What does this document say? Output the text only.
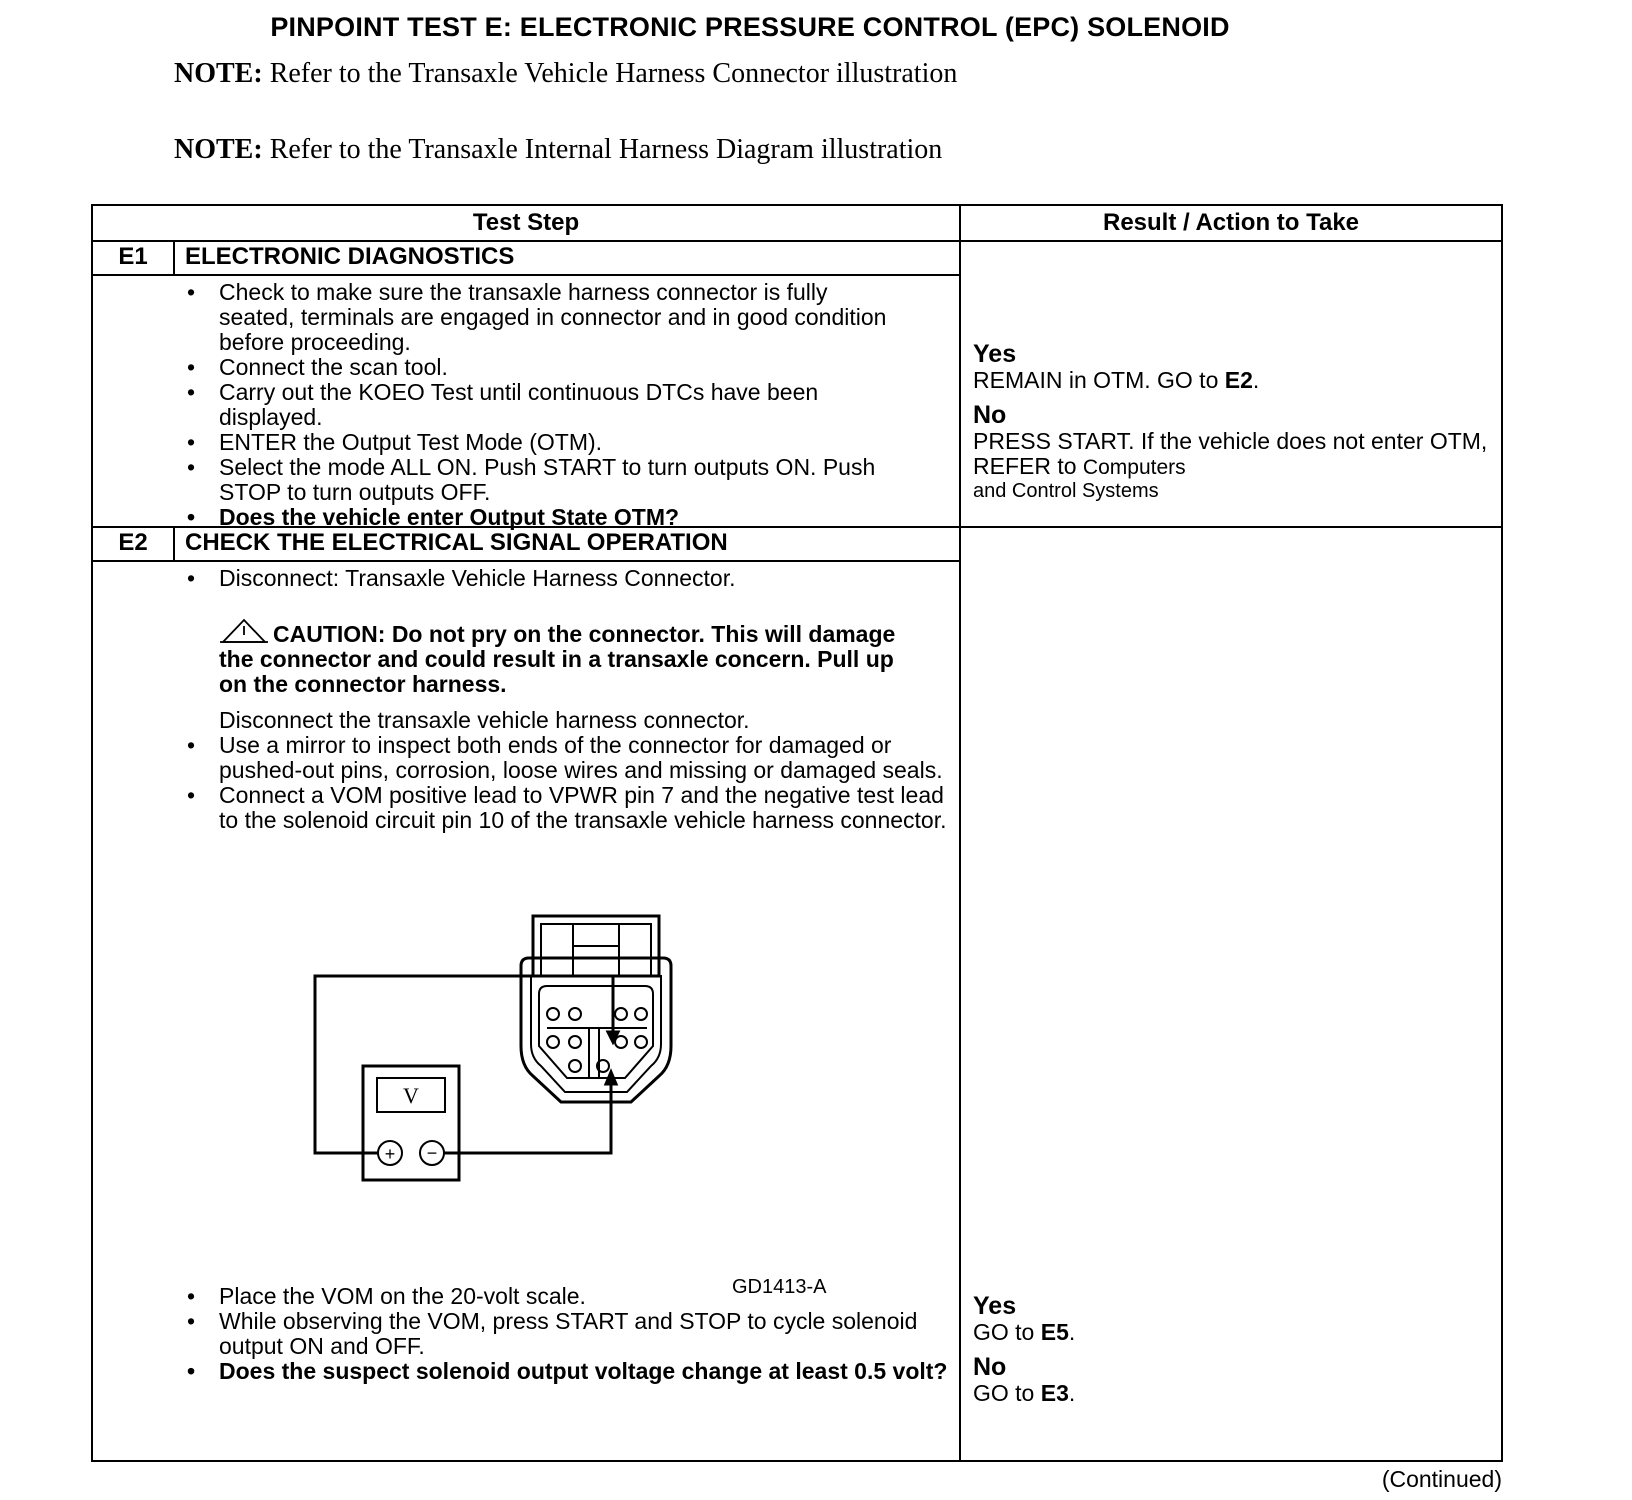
PINPOINT TEST E: ELECTRONIC PRESSURE CONTROL (EPC) SOLENOID
NOTE: Refer to the Transaxle Vehicle Harness Connector illustration
NOTE: Refer to the Transaxle Internal Harness Diagram illustration
Test Step	Result / Action to Take
E1	ELECTRONIC DIAGNOSTICS
• Check to make sure the transaxle harness connector is fully seated, terminals are engaged in connector and in good condition before proceeding.
• Connect the scan tool.
• Carry out the KOEO Test until continuous DTCs have been displayed.
• ENTER the Output Test Mode (OTM).
• Select the mode ALL ON. Push START to turn outputs ON. Push STOP to turn outputs OFF.
• Does the vehicle enter Output State OTM?
Yes
REMAIN in OTM. GO to E2.
No
PRESS START. If the vehicle does not enter OTM, REFER to Computers
and Control Systems
E2	CHECK THE ELECTRICAL SIGNAL OPERATION
• Disconnect: Transaxle Vehicle Harness Connector.
CAUTION: Do not pry on the connector. This will damage the connector and could result in a transaxle concern. Pull up on the connector harness.
Disconnect the transaxle vehicle harness connector.
• Use a mirror to inspect both ends of the connector for damaged or pushed-out pins, corrosion, loose wires and missing or damaged seals.
• Connect a VOM positive lead to VPWR pin 7 and the negative test lead to the solenoid circuit pin 10 of the transaxle vehicle harness connector.
V
+ −
• Place the VOM on the 20-volt scale.
• While observing the VOM, press START and STOP to cycle solenoid output ON and OFF.
• Does the suspect solenoid output voltage change at least 0.5 volt?
Yes
GO to E5.
No
GO to E3.
GD1413-A
(Continued)
